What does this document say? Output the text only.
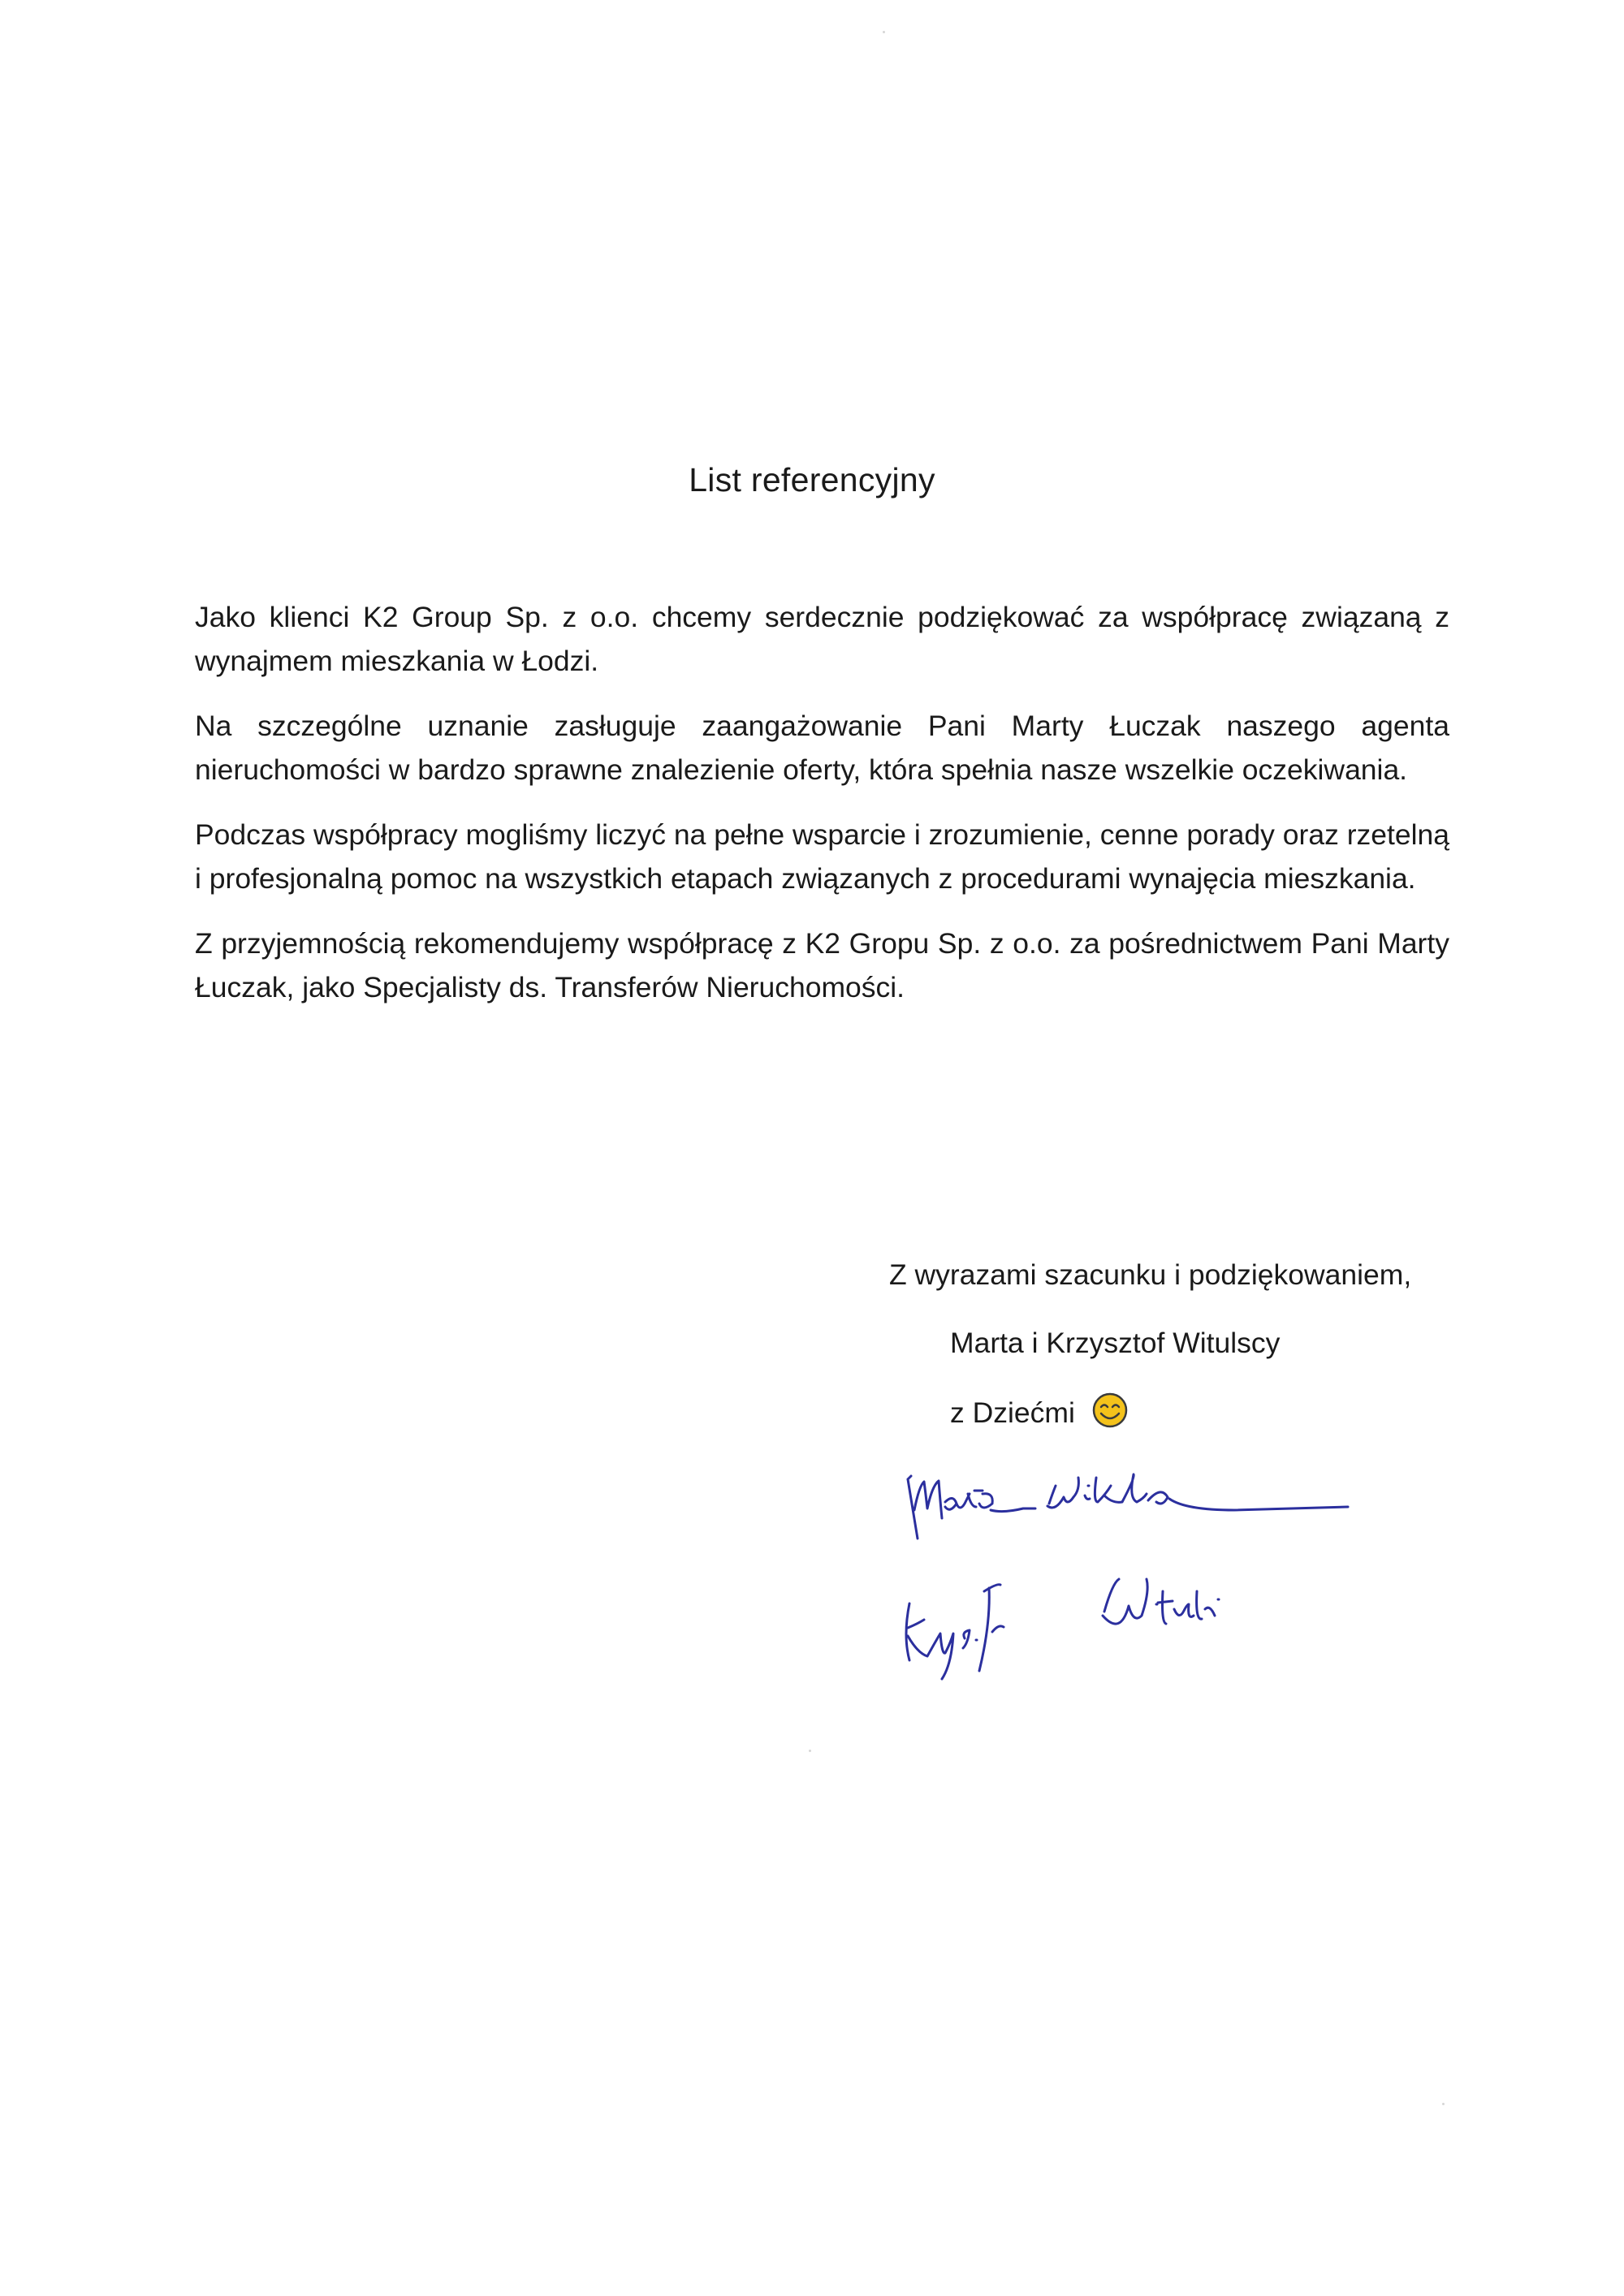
List referencyjny

Jako klienci K2 Group Sp. z o.o. chcemy serdecznie podziękować za współpracę związaną z wynajmem mieszkania w Łodzi.

Na szczególne uznanie zasługuje zaangażowanie Pani Marty Łuczak naszego agenta nieruchomości w bardzo sprawne znalezienie oferty, która spełnia nasze wszelkie oczekiwania.

Podczas współpracy mogliśmy liczyć na pełne wsparcie i zrozumienie, cenne porady oraz rzetelną i profesjonalną pomoc na wszystkich etapach związanych z procedurami wynajęcia mieszkania.

Z przyjemnością rekomendujemy współpracę z K2 Gropu Sp. z o.o. za pośrednictwem Pani Marty Łuczak, jako Specjalisty ds. Transferów Nieruchomości.

Z wyrazami szacunku i podziękowaniem,
Marta i Krzysztof Witulscy
z Dziećmi
